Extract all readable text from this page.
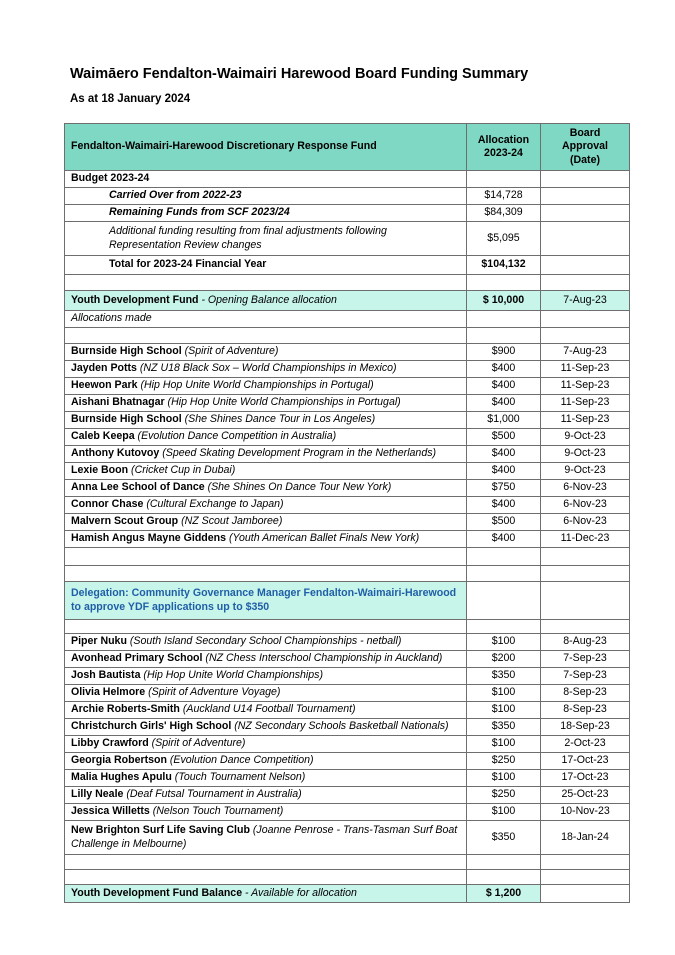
Waimāero Fendalton-Waimairi Harewood Board Funding Summary
As at 18 January 2024
Fendalton-Waimairi-Harewood Discretionary Response Fund	Allocation 2023-24	Board Approval (Date)
Budget 2023-24		
Carried Over from 2022-23	$14,728	
Remaining Funds from SCF 2023/24	$84,309	
Additional funding resulting from final adjustments following Representation Review changes	$5,095	
Total for 2023-24 Financial Year	$104,132	

Youth Development Fund - Opening Balance allocation	$ 10,000	7-Aug-23
Allocations made		

Burnside High School (Spirit of Adventure)	$900	7-Aug-23
Jayden Potts (NZ U18 Black Sox – World Championships in Mexico)	$400	11-Sep-23
Heewon Park (Hip Hop Unite World Championships in Portugal)	$400	11-Sep-23
Aishani Bhatnagar (Hip Hop Unite World Championships in Portugal)	$400	11-Sep-23
Burnside High School (She Shines Dance Tour in Los Angeles)	$1,000	11-Sep-23
Caleb Keepa (Evolution Dance Competition in Australia)	$500	9-Oct-23
Anthony Kutovoy (Speed Skating Development Program in the Netherlands)	$400	9-Oct-23
Lexie Boon (Cricket Cup in Dubai)	$400	9-Oct-23
Anna Lee School of Dance (She Shines On Dance Tour New York)	$750	6-Nov-23
Connor Chase (Cultural Exchange to Japan)	$400	6-Nov-23
Malvern Scout Group (NZ Scout Jamboree)	$500	6-Nov-23
Hamish Angus Mayne Giddens (Youth American Ballet Finals New York)	$400	11-Dec-23

Delegation: Community Governance Manager Fendalton-Waimairi-Harewood to approve YDF applications up to $350		

Piper Nuku (South Island Secondary School Championships - netball)	$100	8-Aug-23
Avonhead Primary School (NZ Chess Interschool Championship in Auckland)	$200	7-Sep-23
Josh Bautista (Hip Hop Unite World Championships)	$350	7-Sep-23
Olivia Helmore (Spirit of Adventure Voyage)	$100	8-Sep-23
Archie Roberts-Smith (Auckland U14 Football Tournament)	$100	8-Sep-23
Christchurch Girls' High School (NZ Secondary Schools Basketball Nationals)	$350	18-Sep-23
Libby Crawford (Spirit of Adventure)	$100	2-Oct-23
Georgia Robertson (Evolution Dance Competition)	$250	17-Oct-23
Malia Hughes Apulu (Touch Tournament Nelson)	$100	17-Oct-23
Lilly Neale (Deaf Futsal Tournament in Australia)	$250	25-Oct-23
Jessica Willetts (Nelson Touch Tournament)	$100	10-Nov-23
New Brighton Surf Life Saving Club (Joanne Penrose - Trans-Tasman Surf Boat Challenge in Melbourne)	$350	18-Jan-24

Youth Development Fund Balance - Available for allocation	$ 1,200	
